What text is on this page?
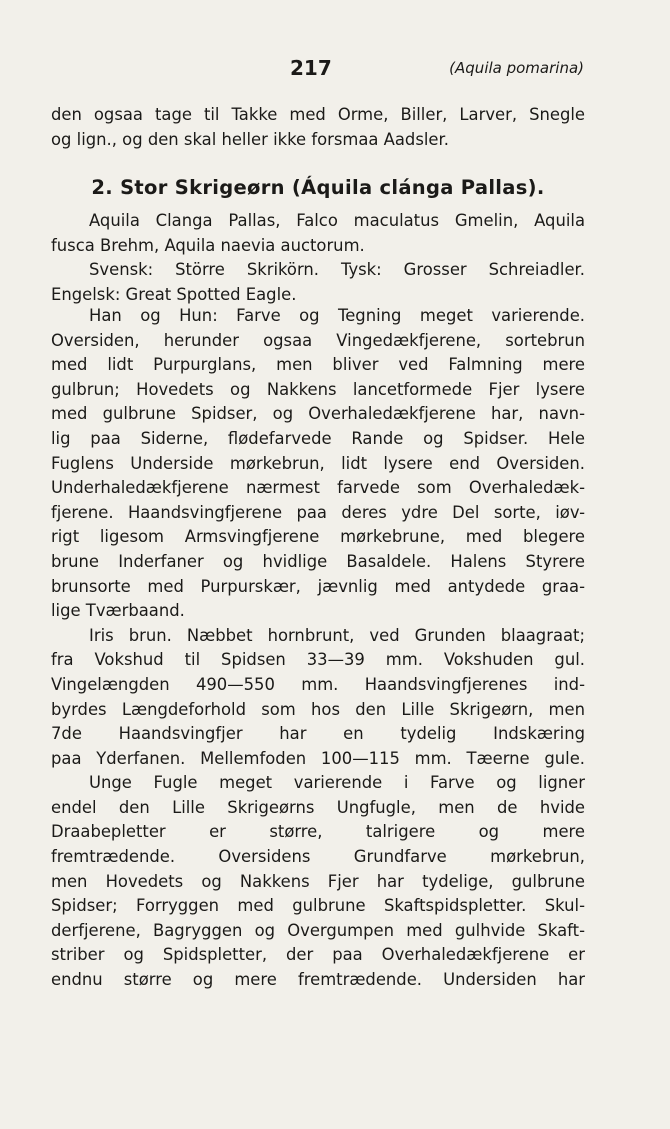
217	(Aquila pomarina)
den ogsaa tage til Takke med Orme, Biller, Larver, Snegle
og lign., og den skal heller ikke forsmaa Aadsler.
2. Stor Skrigeørn (Áquila clánga Pallas).
Aquila Clanga Pallas, Falco maculatus Gmelin, Aquila
fusca Brehm, Aquila naevia auctorum.
Svensk: Större Skrikörn. Tysk: Grosser Schreiadler.
Engelsk: Great Spotted Eagle.
Han og Hun: Farve og Tegning meget varierende.
Oversiden, herunder ogsaa Vingedækfjerene, sortebrun
med lidt Purpurglans, men bliver ved Falmning mere
gulbrun; Hovedets og Nakkens lancetformede Fjer lysere
med gulbrune Spidser, og Overhaledækfjerene har, navn-
lig paa Siderne, flødefarvede Rande og Spidser. Hele
Fuglens Underside mørkebrun, lidt lysere end Oversiden.
Underhaledækfjerene nærmest farvede som Overhaledæk-
fjerene. Haandsvingfjerene paa deres ydre Del sorte, iøv-
rigt ligesom Armsvingfjerene mørkebrune, med blegere
brune Inderfaner og hvidlige Basaldele. Halens Styrere
brunsorte med Purpurskær, jævnlig med antydede graa-
lige Tværbaand.
Iris brun. Næbbet hornbrunt, ved Grunden blaagraat;
fra Vokshud til Spidsen 33—39 mm. Vokshuden gul.
Vingelængden 490—550 mm. Haandsvingfjerenes ind-
byrdes Længdeforhold som hos den Lille Skrigeørn, men
7de Haandsvingfjer har en tydelig Indskæring
paa Yderfanen. Mellemfoden 100—115 mm. Tæerne gule.
Unge Fugle meget varierende i Farve og ligner
endel den Lille Skrigeørns Ungfugle, men de hvide
Draabepletter er større, talrigere og mere
fremtrædende. Oversidens Grundfarve mørkebrun,
men Hovedets og Nakkens Fjer har tydelige, gulbrune
Spidser; Forryggen med gulbrune Skaftspidspletter. Skul-
derfjerene, Bagryggen og Overgumpen med gulhvide Skaft-
striber og Spidspletter, der paa Overhaledækfjerene er
endnu større og mere fremtrædende. Undersiden har
